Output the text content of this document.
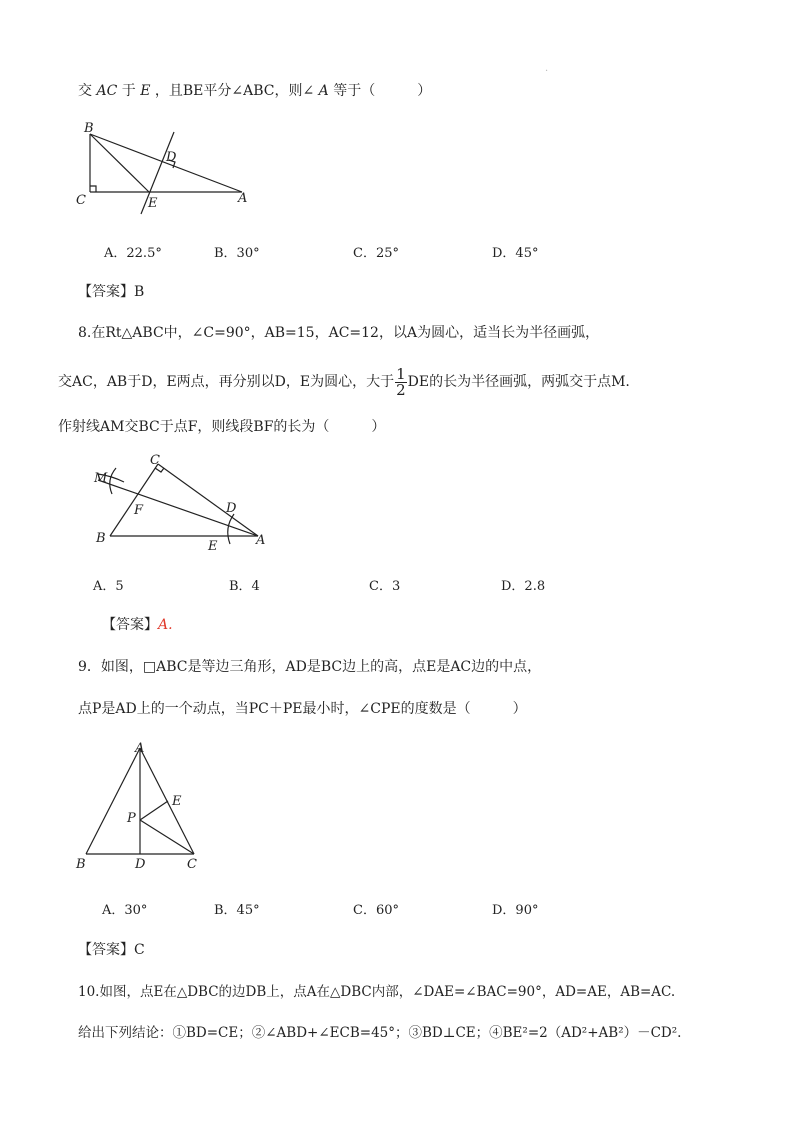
·
交 AC 于 E ，且BE平分∠ABC，则∠ A 等于（　　　）
B
C
D
E	A
A．22.5°	B．30°	C．25°	D．45°
【答案】B
8.在Rt△ABC中，∠C=90°，AB=15，AC=12，以A为圆心，适当长为半径画弧，
交AC，AB于D，E两点，再分别以D，E为圆心，大于 $\frac{1}{2}$ DE的长为半径画弧，两弧交于点M.
作射线AM交BC于点F，则线段BF的长为（　　　）
C
M
D
F
B
E	A
A．5	B．4	C．3	D．2.8
【答案】A.
9．如图，□ABC是等边三角形，AD是BC边上的高，点E是AC边的中点，
点P是AD上的一个动点，当PC＋PE最小时，∠CPE的度数是（　　　）
A
E
P
B	D	C
A．30°	B．45°	C．60°	D．90°
【答案】C
10.如图，点E在△DBC的边DB上，点A在△DBC内部，∠DAE=∠BAC=90°，AD=AE，AB=AC.
给出下列结论：①BD=CE；②∠ABD+∠ECB=45°；③BD⊥CE；④BE²=2（AD²+AB²）－CD².
